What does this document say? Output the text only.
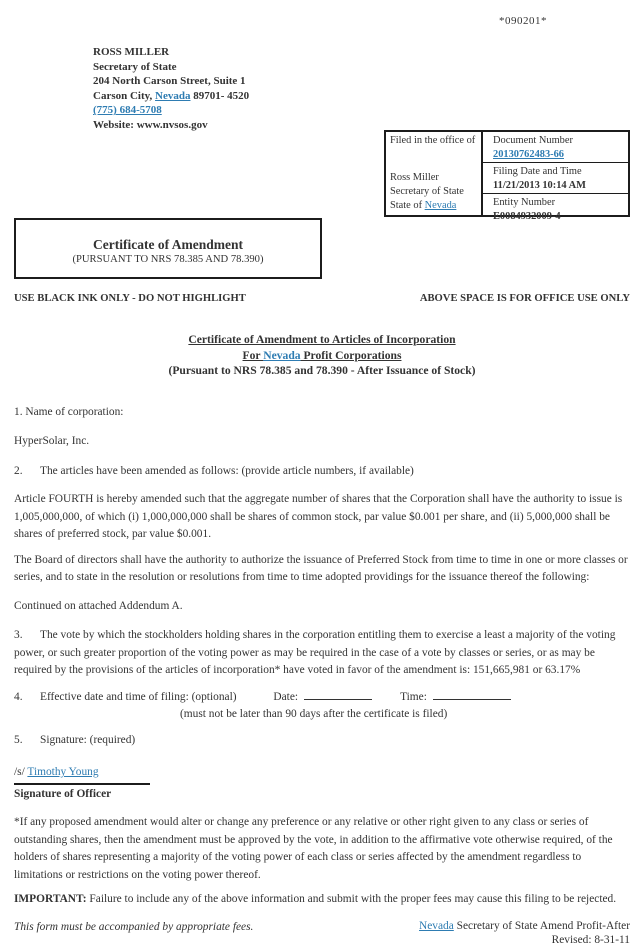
*090201*
ROSS MILLER
Secretary of State
204 North Carson Street, Suite 1
Carson City, Nevada 89701- 4520
(775) 684-5708
Website: www.nvsos.gov
Filed in the office of
Ross Miller
Secretary of State
State of Nevada
Document Number
20130762483-66
Filing Date and Time
11/21/2013 10:14 AM
Entity Number
E0084932009-4
Certificate of Amendment
(PURSUANT TO NRS 78.385 AND 78.390)
USE BLACK INK ONLY - DO NOT HIGHLIGHT	ABOVE SPACE IS FOR OFFICE USE ONLY
Certificate of Amendment to Articles of Incorporation
For Nevada Profit Corporations
(Pursuant to NRS 78.385 and 78.390 - After Issuance of Stock)
1. Name of corporation:
HyperSolar, Inc.
2. The articles have been amended as follows: (provide article numbers, if available)
Article FOURTH is hereby amended such that the aggregate number of shares that the Corporation shall have the authority to issue is 1,005,000,000, of which (i) 1,000,000,000 shall be shares of common stock, par value $0.001 per share, and (ii) 5,000,000 shall be shares of preferred stock, par value $0.001.
The Board of directors shall have the authority to authorize the issuance of Preferred Stock from time to time in one or more classes or series, and to state in the resolution or resolutions from time to time adopted providings for the issuance thereof the following:
Continued on attached Addendum A.
3. The vote by which the stockholders holding shares in the corporation entitling them to exercise a least a majority of the voting power, or such greater proportion of the voting power as may be required in the case of a vote by classes or series, or as may be required by the provisions of the articles of incorporation* have voted in favor of the amendment is: 151,665,981 or 63.17%
4. Effective date and time of filing: (optional)	Date:	Time:
(must not be later than 90 days after the certificate is filed)
5. Signature: (required)
/s/ Timothy Young
Signature of Officer
*If any proposed amendment would alter or change any preference or any relative or other right given to any class or series of outstanding shares, then the amendment must be approved by the vote, in addition to the affirmative vote otherwise required, of the holders of shares representing a majority of the voting power of each class or series affected by the amendment regardless to limitations or restrictions on the voting power thereof.
IMPORTANT: Failure to include any of the above information and submit with the proper fees may cause this filing to be rejected.
This form must be accompanied by appropriate fees.	Nevada Secretary of State Amend Profit-After
Revised: 8-31-11
